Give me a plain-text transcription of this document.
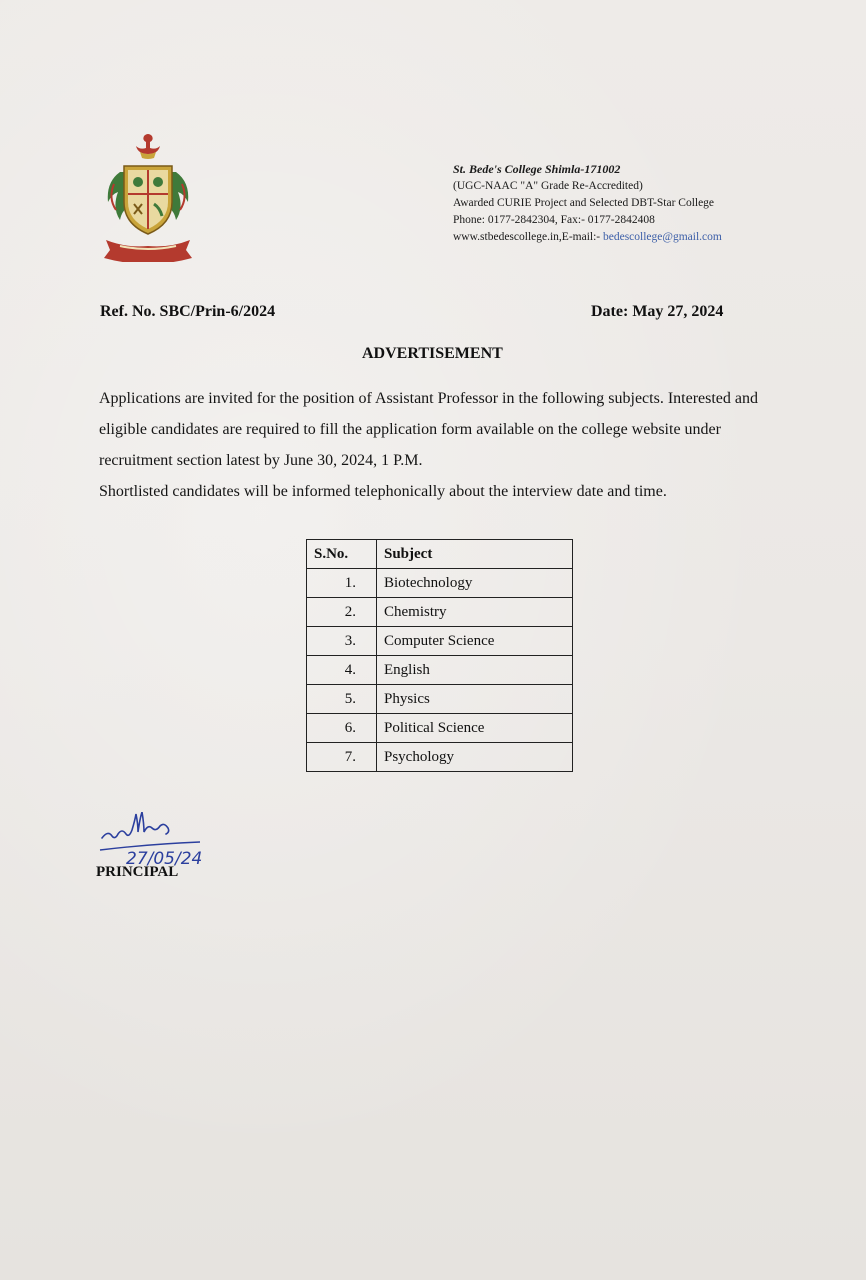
St. Bede's College Shimla-171002
(UGC-NAAC "A" Grade Re-Accredited)
Awarded CURIE Project and Selected DBT-Star College
Phone: 0177-2842304, Fax:- 0177-2842408
www.stbedescollege.in,E-mail:- bedescollege@gmail.com
Ref. No. SBC/Prin-6/2024	Date: May 27, 2024
ADVERTISEMENT

Applications are invited for the position of Assistant Professor in the following subjects. Interested and eligible candidates are required to fill the application form available on the college website under recruitment section latest by June 30, 2024, 1 P.M.

Shortlisted candidates will be informed telephonically about the interview date and time.

S.No.	Subject
1.	Biotechnology
2.	Chemistry
3.	Computer Science
4.	English
5.	Physics
6.	Political Science
7.	Psychology
27/05/24
PRINCIPAL
